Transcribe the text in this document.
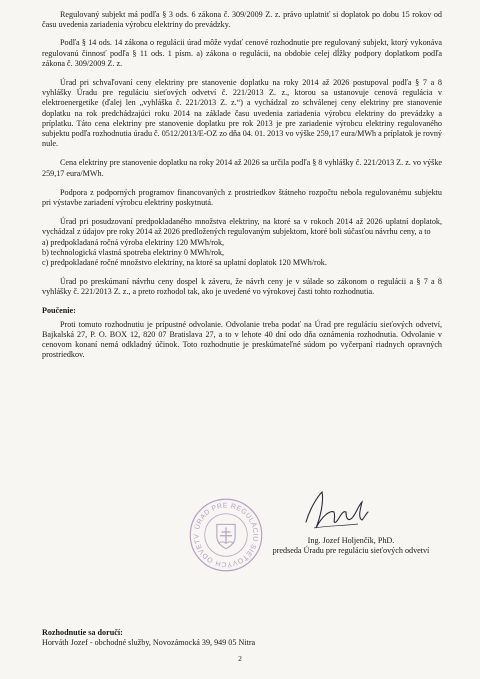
Regulovaný subjekt má podľa § 3 ods. 6 zákona č. 309/2009 Z. z. právo uplatniť si doplatok po dobu 15 rokov od času uvedenia zariadenia výrobcu elektriny do prevádzky.

Podľa § 14 ods. 14 zákona o regulácii úrad môže vydať cenové rozhodnutie pre regulovaný subjekt, ktorý vykonáva regulovanú činnosť podľa § 11 ods. 1 písm. a) zákona o regulácii, na obdobie celej dĺžky podpory doplatkom podľa zákona č. 309/2009 Z. z.

Úrad pri schvaľovaní ceny elektriny pre stanovenie doplatku na roky 2014 až 2026 postupoval podľa § 7 a 8 vyhlášky Úradu pre reguláciu sieťových odvetví č. 221/2013 Z. z., ktorou sa ustanovuje cenová regulácia v elektroenergetike (ďalej len „vyhláška č. 221/2013 Z. z.“) a vychádzal zo schválenej ceny elektriny pre stanovenie doplatku na rok predchádzajúci roku 2014 na základe času uvedenia zariadenia výrobcu elektriny do prevádzky a príplatku. Táto cena elektriny pre stanovenie doplatku pre rok 2013 je pre zariadenie výrobcu elektriny regulovaného subjektu podľa rozhodnutia úradu č. 0512/2013/E-OZ zo dňa 04. 01. 2013 vo výške 259,17 eura/MWh a príplatok je rovný nule.

Cena elektriny pre stanovenie doplatku na roky 2014 až 2026 sa určila podľa § 8 vyhlášky č. 221/2013 Z. z. vo výške 259,17 eura/MWh.

Podpora z podporných programov financovaných z prostriedkov štátneho rozpočtu nebola regulovanému subjektu pri výstavbe zariadení výrobcu elektriny poskytnutá.

Úrad pri posudzovaní predpokladaného množstva elektriny, na ktoré sa v rokoch 2014 až 2026 uplatní doplatok, vychádzal z údajov pre roky 2014 až 2026 predložených regulovaným subjektom, ktoré boli súčasťou návrhu ceny, a to

a) predpokladaná ročná výroba elektriny 120 MWh/rok,

b) technologická vlastná spotreba elektriny 0 MWh/rok,

c) predpokladané ročné množstvo elektriny, na ktoré sa uplatní doplatok 120 MWh/rok.

Úrad po preskúmaní návrhu ceny dospel k záveru, že návrh ceny je v súlade so zákonom o regulácii a § 7 a 8 vyhlášky č. 221/2013 Z. z., a preto rozhodol tak, ako je uvedené vo výrokovej časti tohto rozhodnutia.

Poučenie:

Proti tomuto rozhodnutiu je prípustné odvolanie. Odvolanie treba podať na Úrad pre reguláciu sieťových odvetví, Bajkalská 27, P. O. BOX 12, 820 07 Bratislava 27, a to v lehote 40 dní odo dňa oznámenia rozhodnutia. Odvolanie v cenovom konaní nemá odkladný účinok. Toto rozhodnutie je preskúmateľné súdom po vyčerpaní riadnych opravných prostriedkov.

ÚRAD PRE REGULÁCIU SIEŤOVÝCH ODVETV	Ing. Jozef Holjenčík, PhD.
predseda Úradu pre reguláciu sieťových odvetví
Rozhodnutie sa doručí:
Horváth Jozef - obchodné služby, Novozámocká 39, 949 05 Nitra
2
